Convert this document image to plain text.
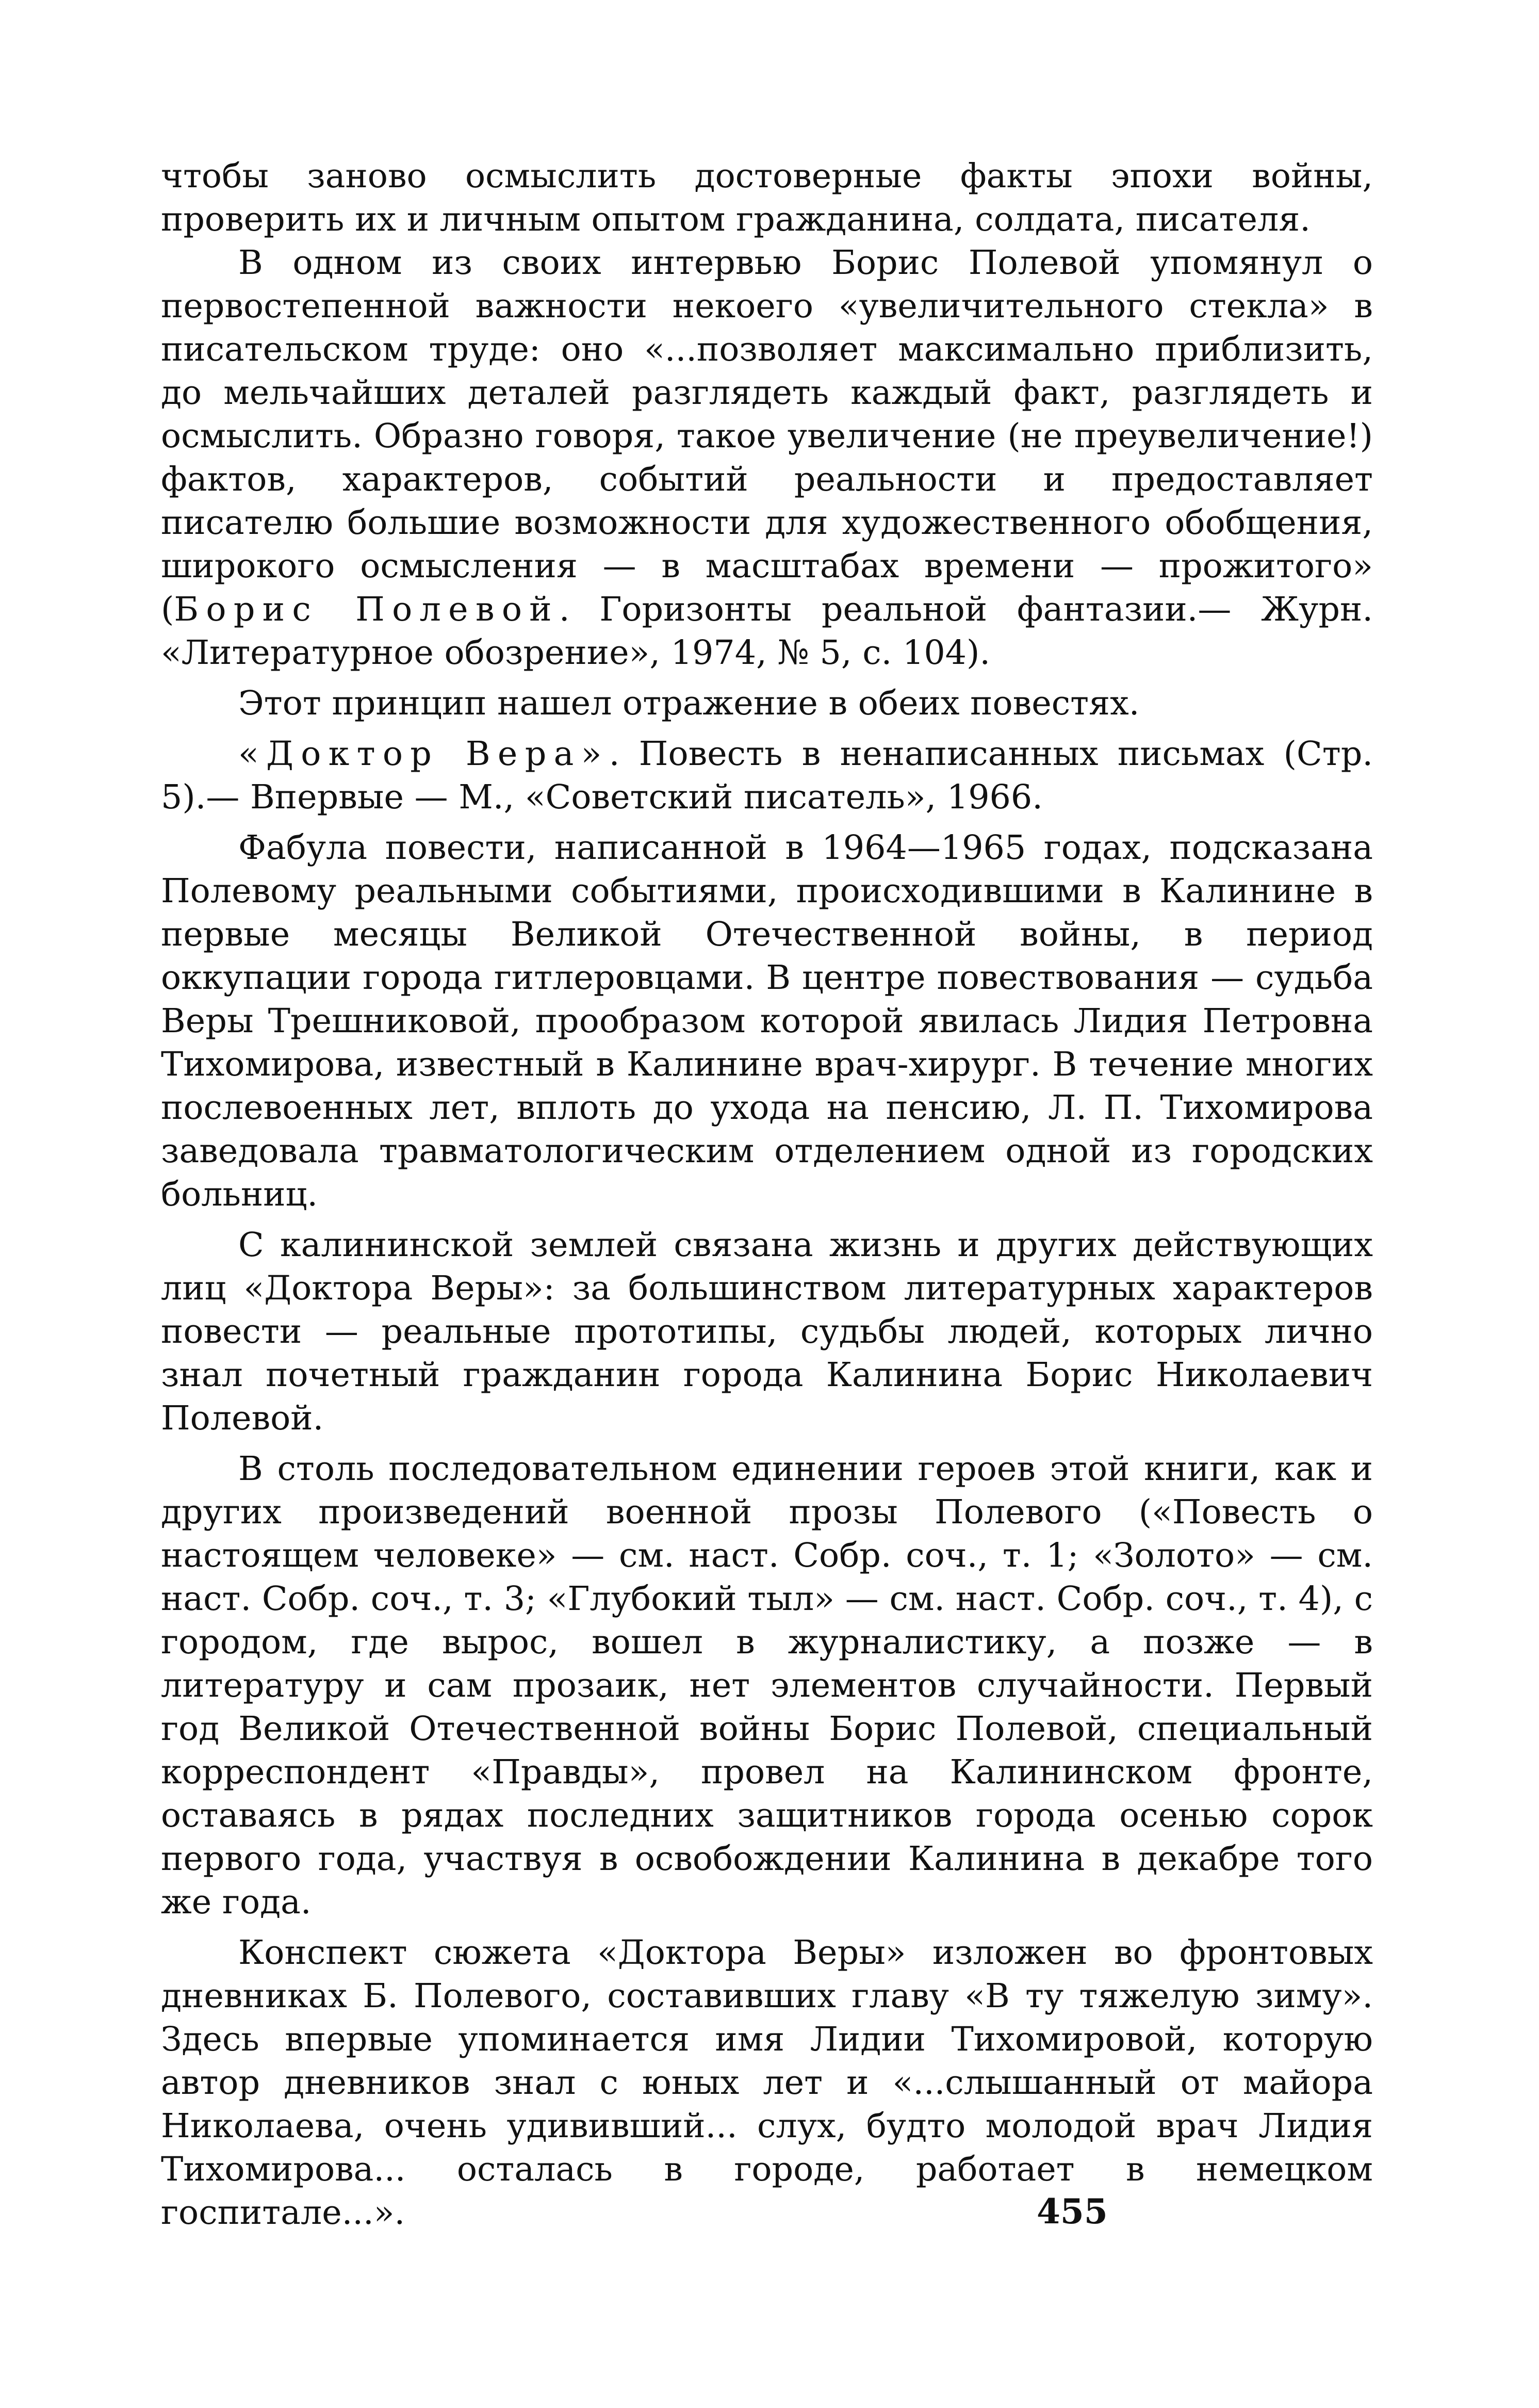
чтобы заново осмыслить достоверные факты эпохи войны, проверить их и личным опытом гражданина, солдата, писателя.

В одном из своих интервью Борис Полевой упомянул о первостепенной важности некоего «увеличительного стекла» в писательском труде: оно «...позволяет максимально приблизить, до мельчайших деталей разглядеть каждый факт, разглядеть и осмыслить. Образно говоря, такое увеличение (не преувеличение!) фактов, характеров, событий реальности и предоставляет писателю большие возможности для художественного обобщения, широкого осмысления — в масштабах времени — прожитого» (Борис Полевой. Горизонты реальной фантазии.— Журн. «Литературное обозрение», 1974, № 5, с. 104).

Этот принцип нашел отражение в обеих повестях.

«Доктор Вера». Повесть в ненаписанных письмах (Стр. 5).— Впервые — М., «Советский писатель», 1966.

Фабула повести, написанной в 1964—1965 годах, подсказана Полевому реальными событиями, происходившими в Калинине в первые месяцы Великой Отечественной войны, в период оккупации города гитлеровцами. В центре повествования — судьба Веры Трешниковой, прообразом которой явилась Лидия Петровна Тихомирова, известный в Калинине врач-хирург. В течение многих послевоенных лет, вплоть до ухода на пенсию, Л. П. Тихомирова заведовала травматологическим отделением одной из городских больниц.

С калининской землей связана жизнь и других действующих лиц «Доктора Веры»: за большинством литературных характеров повести — реальные прототипы, судьбы людей, которых лично знал почетный гражданин города Калинина Борис Николаевич Полевой.

В столь последовательном единении героев этой книги, как и других произведений военной прозы Полевого («Повесть о настоящем человеке» — см. наст. Собр. соч., т. 1; «Золото» — см. наст. Собр. соч., т. 3; «Глубокий тыл» — см. наст. Собр. соч., т. 4), с городом, где вырос, вошел в журналистику, а позже — в литературу и сам прозаик, нет элементов случайности. Первый год Великой Отечественной войны Борис Полевой, специальный корреспондент «Правды», провел на Калининском фронте, оставаясь в рядах последних защитников города осенью сорок первого года, участвуя в освобождении Калинина в декабре того же года.

Конспект сюжета «Доктора Веры» изложен во фронтовых дневниках Б. Полевого, составивших главу «В ту тяжелую зиму». Здесь впервые упоминается имя Лидии Тихомировой, которую автор дневников знал с юных лет и «...слышанный от майора Николаева, очень удививший... слух, будто молодой врач Лидия Тихомирова... осталась в городе, работает в немецком госпитале...».	455
